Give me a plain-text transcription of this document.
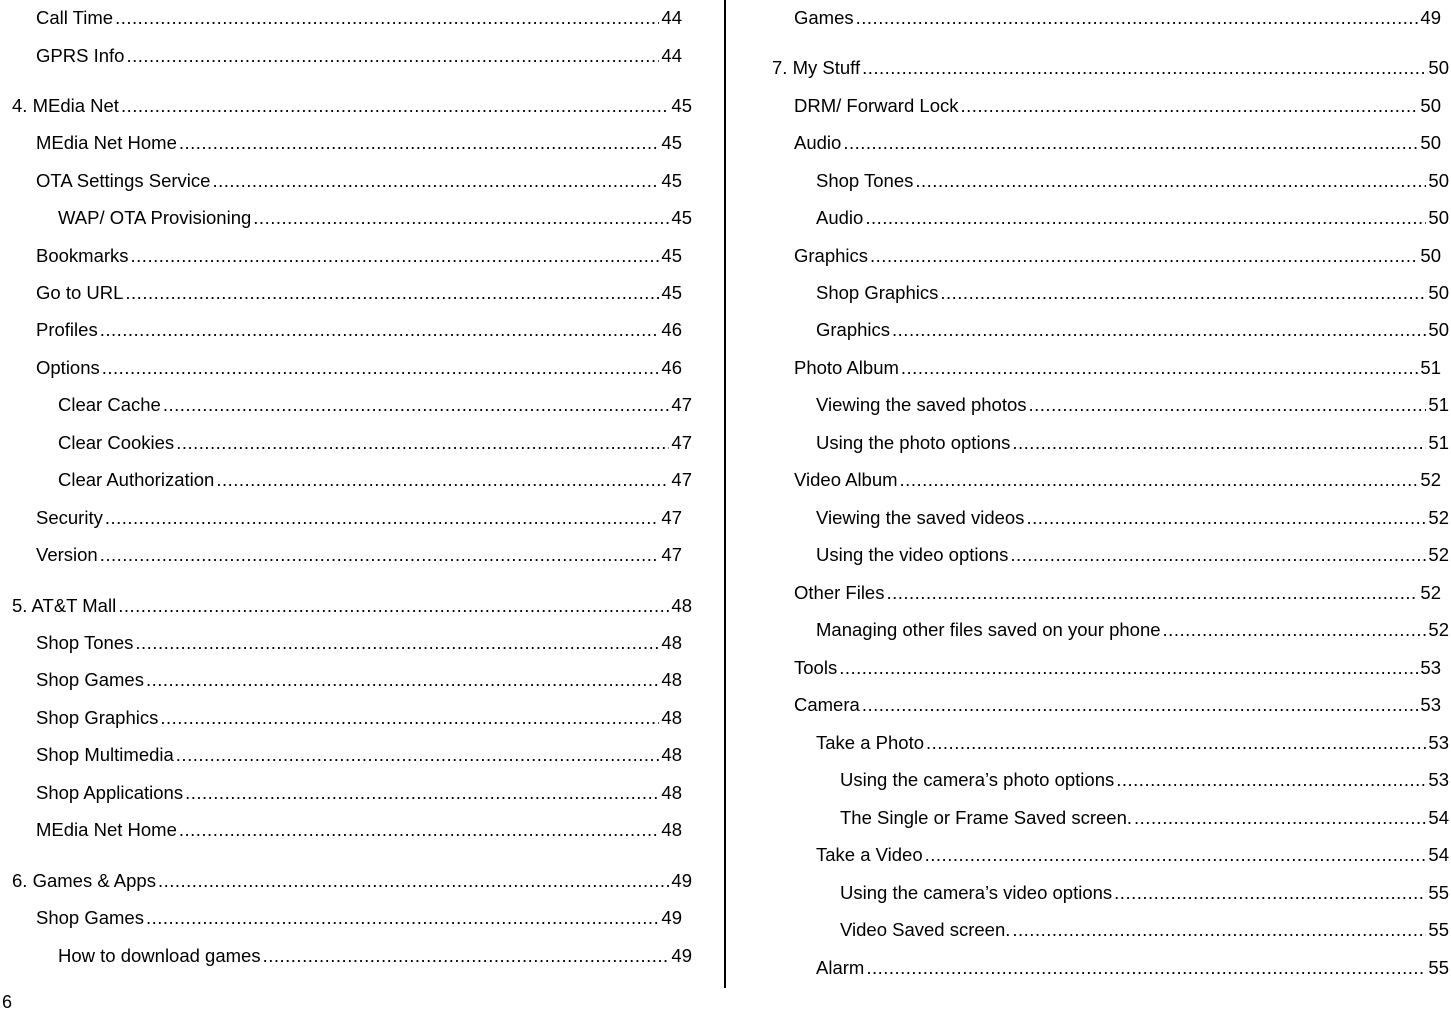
Call Time .....	44
GPRS Info .....	44
4. MEdia Net .....	45
MEdia Net Home .....	45
OTA Settings Service .....	45
WAP/ OTA Provisioning .....	45
Bookmarks .....	45
Go to URL .....	45
Profiles .....	46
Options .....	46
Clear Cache .....	47
Clear Cookies .....	47
Clear Authorization .....	47
Security .....	47
Version .....	47
5. AT&T Mall .....	48
Shop Tones .....	48
Shop Games .....	48
Shop Graphics .....	48
Shop Multimedia .....	48
Shop Applications .....	48
MEdia Net Home .....	48
6. Games & Apps .....	49
Shop Games .....	49
How to download games .....	49
Games .....	49
7. My Stuff .....	50
DRM/ Forward Lock .....	50
Audio .....	50
Shop Tones .....	50
Audio .....	50
Graphics .....	50
Shop Graphics .....	50
Graphics .....	50
Photo Album .....	51
Viewing the saved photos .....	51
Using the photo options .....	51
Video Album .....	52
Viewing the saved videos .....	52
Using the video options .....	52
Other Files .....	52
Managing other files saved on your phone .....	52
Tools .....	53
Camera .....	53
Take a Photo .....	53
Using the camera’s photo options .....	53
The Single or Frame Saved screen. .....	54
Take a Video .....	54
Using the camera’s video options .....	55
Video Saved screen. .....	55
Alarm .....	55
6
